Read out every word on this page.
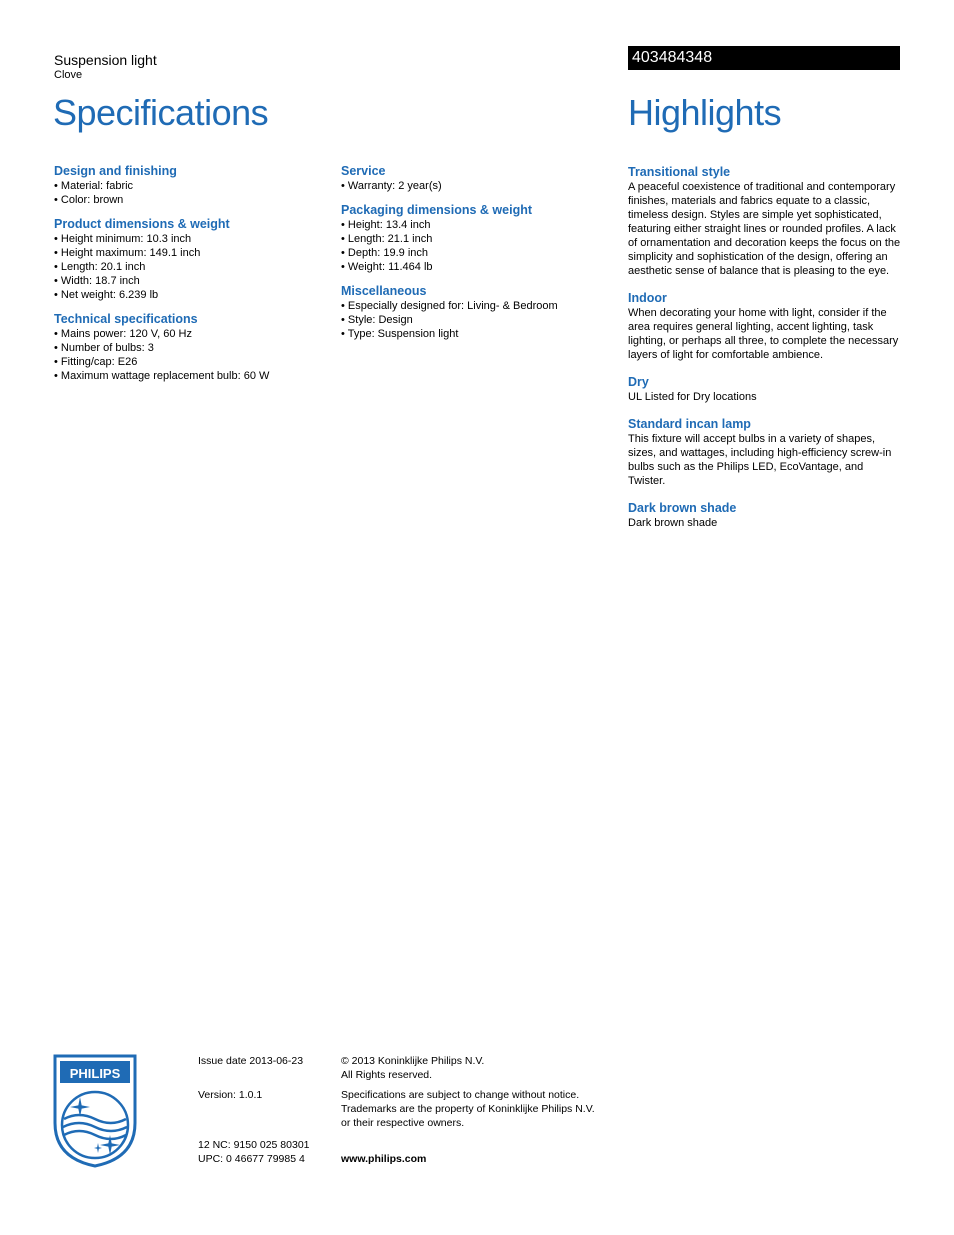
Suspension light
Clove
403484348
Specifications	Highlights
Design and finishing
• Material: fabric
• Color: brown
Product dimensions & weight
• Height minimum: 10.3 inch
• Height maximum: 149.1 inch
• Length: 20.1 inch
• Width: 18.7 inch
• Net weight: 6.239 lb
Technical specifications
• Mains power: 120 V, 60 Hz
• Number of bulbs: 3
• Fitting/cap: E26
• Maximum wattage replacement bulb: 60 W
Service
• Warranty: 2 year(s)
Packaging dimensions & weight
• Height: 13.4 inch
• Length: 21.1 inch
• Depth: 19.9 inch
• Weight: 11.464 lb
Miscellaneous
• Especially designed for: Living- & Bedroom
• Style: Design
• Type: Suspension light
Transitional style

A peaceful coexistence of traditional and contemporary finishes, materials and fabrics equate to a classic, timeless design. Styles are simple yet sophisticated, featuring either straight lines or rounded profiles. A lack of ornamentation and decoration keeps the focus on the simplicity and sophistication of the design, offering an aesthetic sense of balance that is pleasing to the eye.

Indoor

When decorating your home with light, consider if the area requires general lighting, accent lighting, task lighting, or perhaps all three, to complete the necessary layers of light for comfortable ambience.

Dry

UL Listed for Dry locations

Standard incan lamp

This fixture will accept bulbs in a variety of shapes, sizes, and wattages, including high-efficiency screw-in bulbs such as the Philips LED, EcoVantage, and Twister.

Dark brown shade

Dark brown shade

PHILIPS
Issue date 2013-06-23
Version: 1.0.1
12 NC: 9150 025 80301
UPC: 0 46677 79985 4
© 2013 Koninklijke Philips N.V.
All Rights reserved.
Specifications are subject to change without notice.
Trademarks are the property of Koninklijke Philips N.V.
or their respective owners.
www.philips.com
